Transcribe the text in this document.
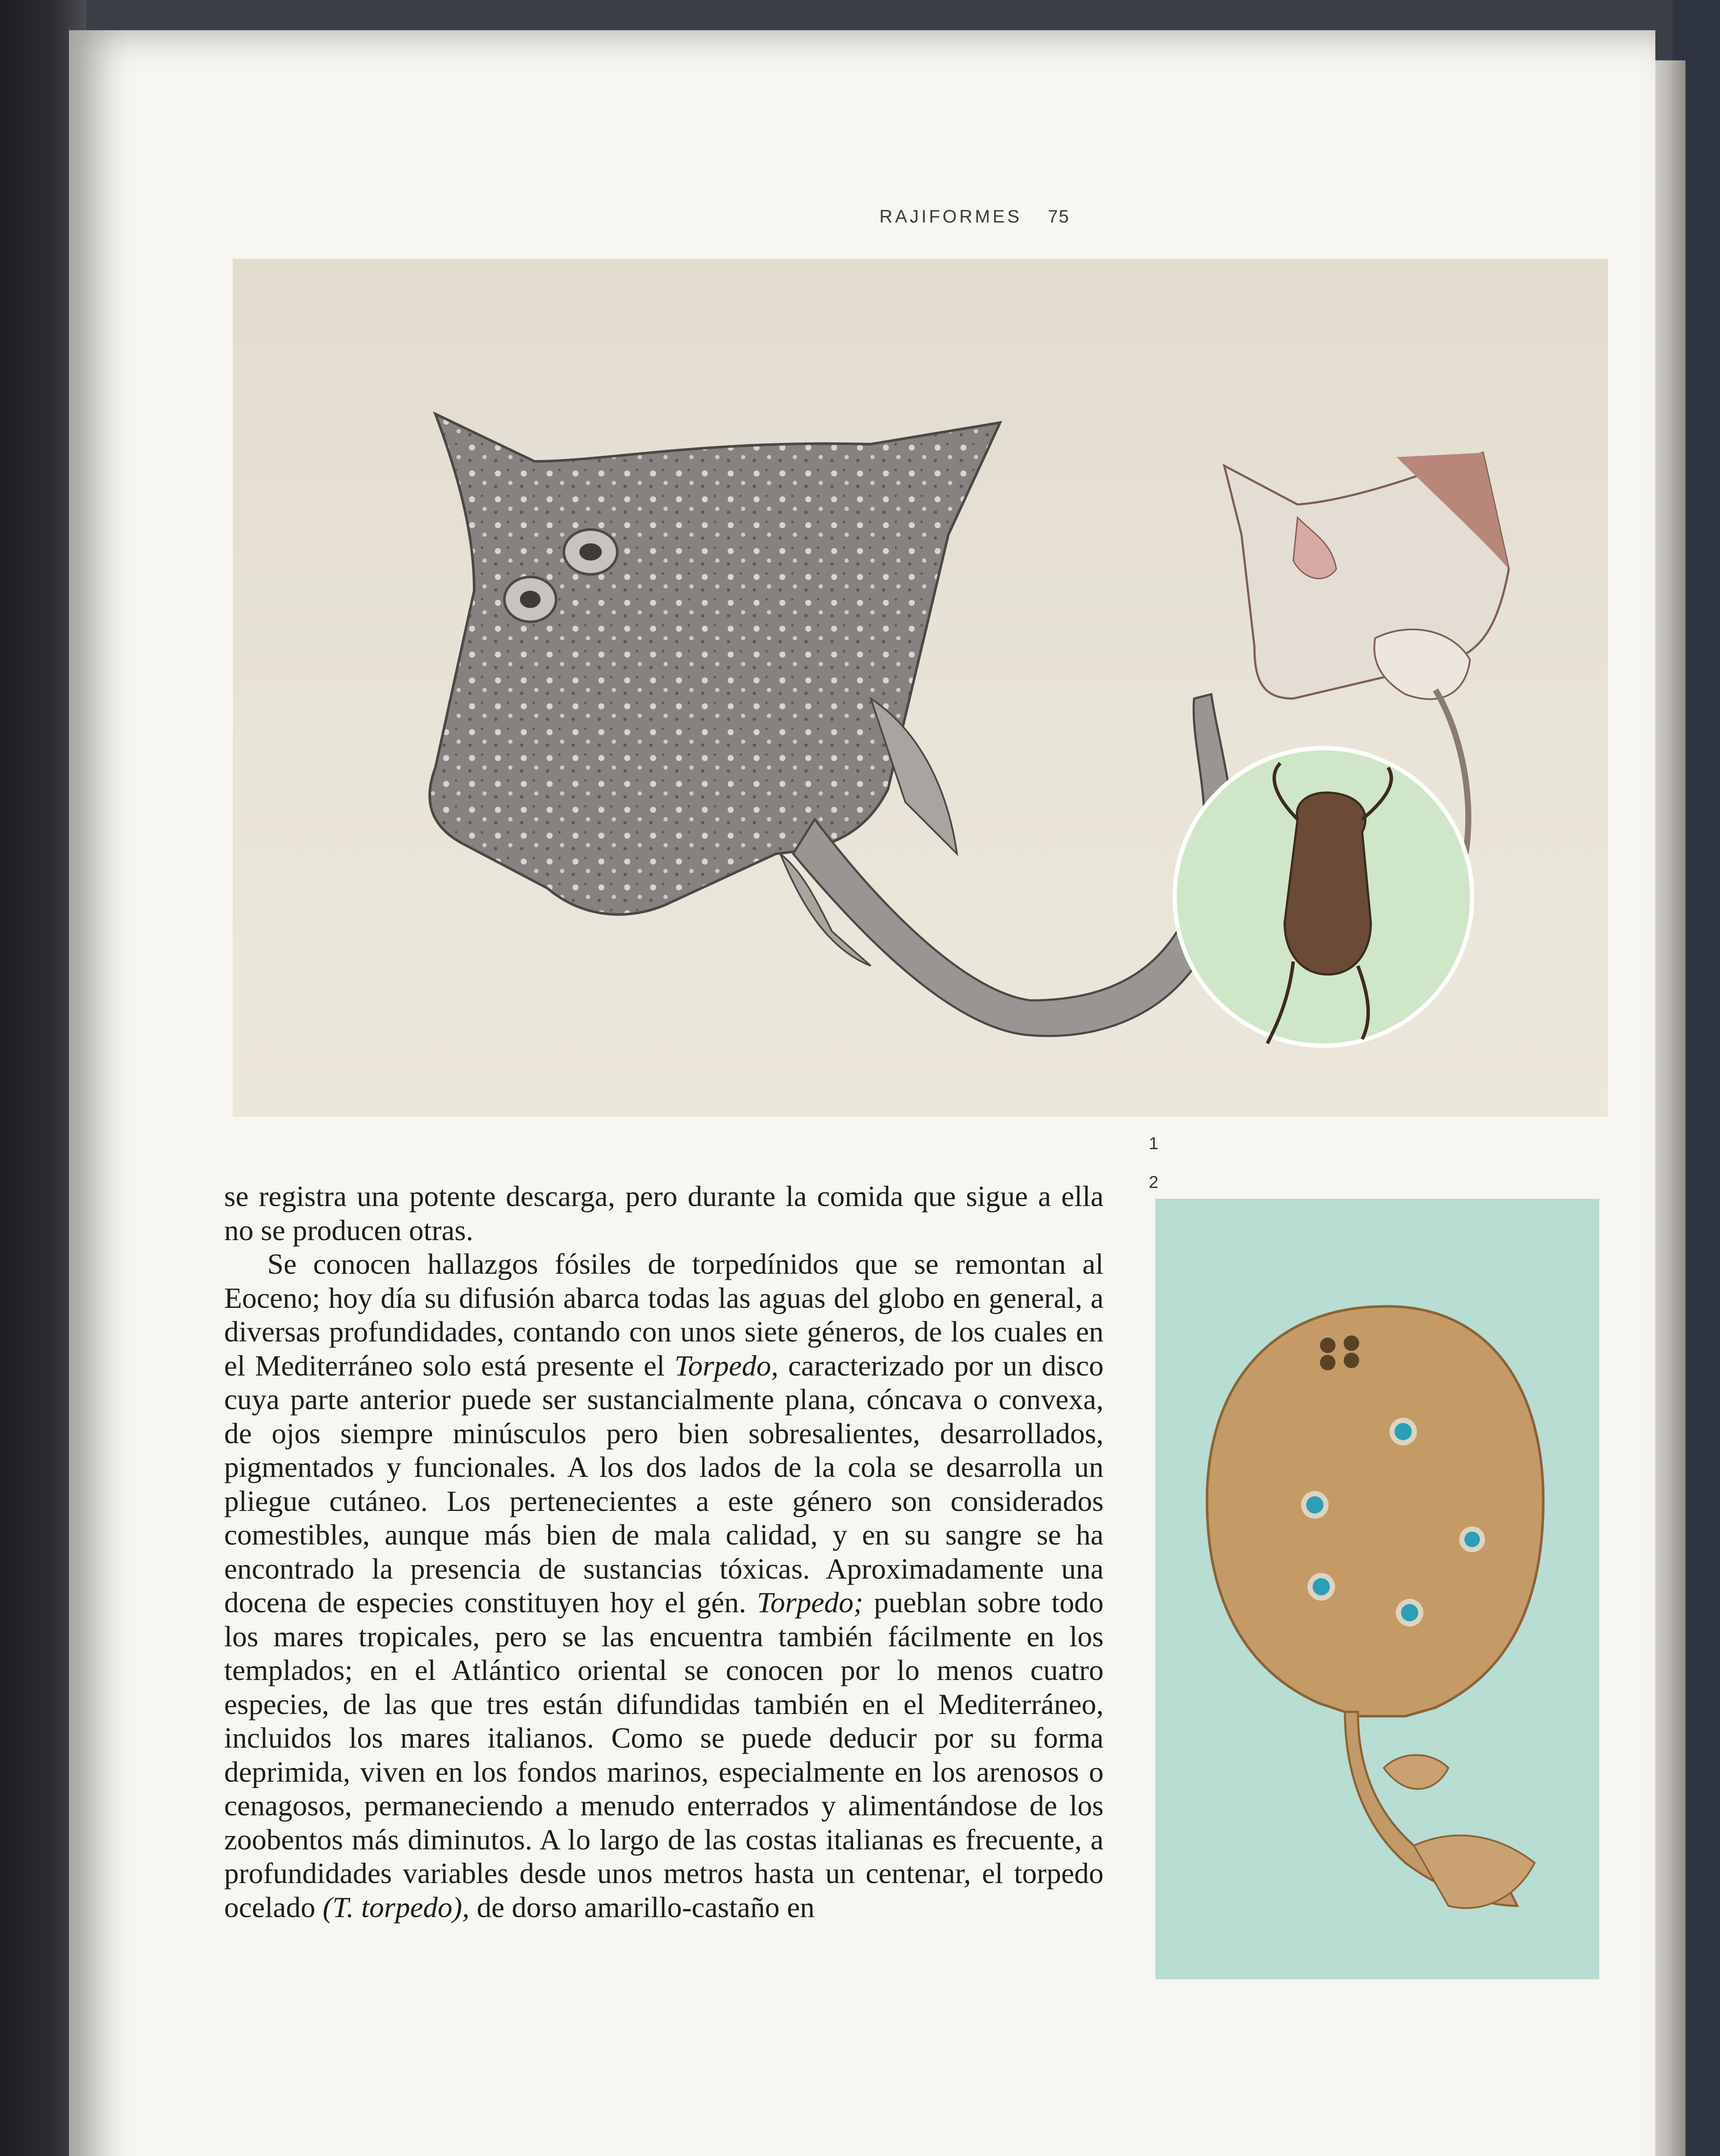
RAJIFORMES 75
1
2

se registra una potente descarga, pero durante la comida que sigue a ella no se producen otras.

Se conocen hallazgos fósiles de torpedínidos que se remontan al Eoceno; hoy día su difusión abarca todas las aguas del globo en general, a diversas profundidades, contando con unos siete géneros, de los cuales en el Mediterráneo solo está presente el Torpedo, caracterizado por un disco cuya parte anterior puede ser sustancialmente plana, cóncava o convexa, de ojos siempre minúsculos pero bien sobresalientes, desarrollados, pigmentados y funcionales. A los dos lados de la cola se desarrolla un pliegue cutáneo. Los pertenecientes a este género son considerados comestibles, aunque más bien de mala calidad, y en su sangre se ha encontrado la presencia de sustancias tóxicas. Aproximadamente una docena de especies constituyen hoy el gén. Torpedo; pueblan sobre todo los mares tropicales, pero se las encuentra también fácilmente en los templados; en el Atlántico oriental se conocen por lo menos cuatro especies, de las que tres están difundidas también en el Mediterráneo, incluidos los mares italianos. Como se puede deducir por su forma deprimida, viven en los fondos marinos, especialmente en los arenosos o cenagosos, permaneciendo a menudo enterrados y alimentándose de los zoobentos más diminutos. A lo largo de las costas italianas es frecuente, a profundidades variables desde unos metros hasta un centenar, el torpedo ocelado (T. torpedo), de dorso amarillo-castaño en
